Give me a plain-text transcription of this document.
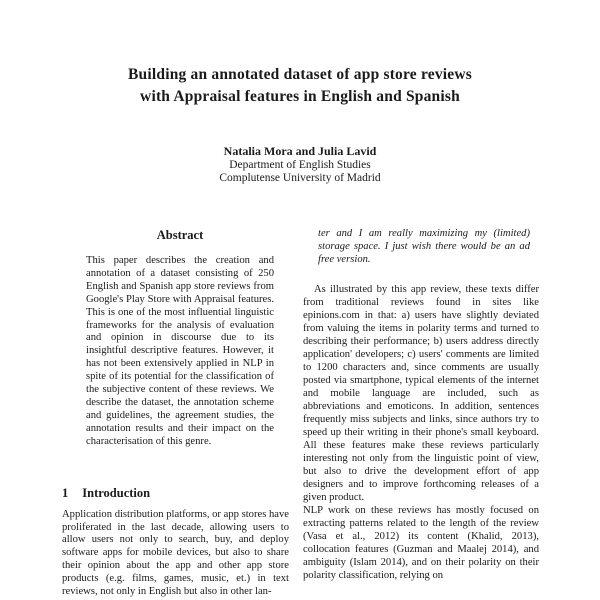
Building an annotated dataset of app store reviews
with Appraisal features in English and Spanish
Natalia Mora and Julia Lavid
Department of English Studies
Complutense University of Madrid
Abstract
This paper describes the creation and annotation of a dataset consisting of 250 English and Spanish app store reviews from Google's Play Store with Appraisal features. This is one of the most influential linguistic frameworks for the analysis of evaluation and opinion in discourse due to its insightful descriptive features. However, it has not been extensively applied in NLP in spite of its potential for the classification of the subjective content of these reviews. We describe the dataset, the annotation scheme and guidelines, the agreement studies, the annotation results and their impact on the characterisation of this genre.
1 Introduction
Application distribution platforms, or app stores have proliferated in the last decade, allowing users to allow users not only to search, buy, and deploy software apps for mobile devices, but also to share their opinion about the app and other app store products (e.g. films, games, music, et.) in text reviews, not only in English but also in other lan-
ter and I am really maximizing my (limited) storage space. I just wish there would be an ad free version.
As illustrated by this app review, these texts differ from traditional reviews found in sites like epinions.com in that: a) users have slightly deviated from valuing the items in polarity terms and turned to describing their performance; b) users address directly application' developers; c) users' comments are limited to 1200 characters and, since comments are usually posted via smartphone, typical elements of the internet and mobile language are included, such as abbreviations and emoticons. In addition, sentences frequently miss subjects and links, since authors try to speed up their writing in their phone's small keyboard. All these features make these reviews particularly interesting not only from the linguistic point of view, but also to drive the development effort of app designers and to improve forthcoming releases of a given product.
NLP work on these reviews has mostly focused on extracting patterns related to the length of the review (Vasa et al., 2012) its content (Khalid, 2013), collocation features (Guzman and Maalej 2014), and ambiguity (Islam 2014), and on their polarity on their polarity classification, relying on
